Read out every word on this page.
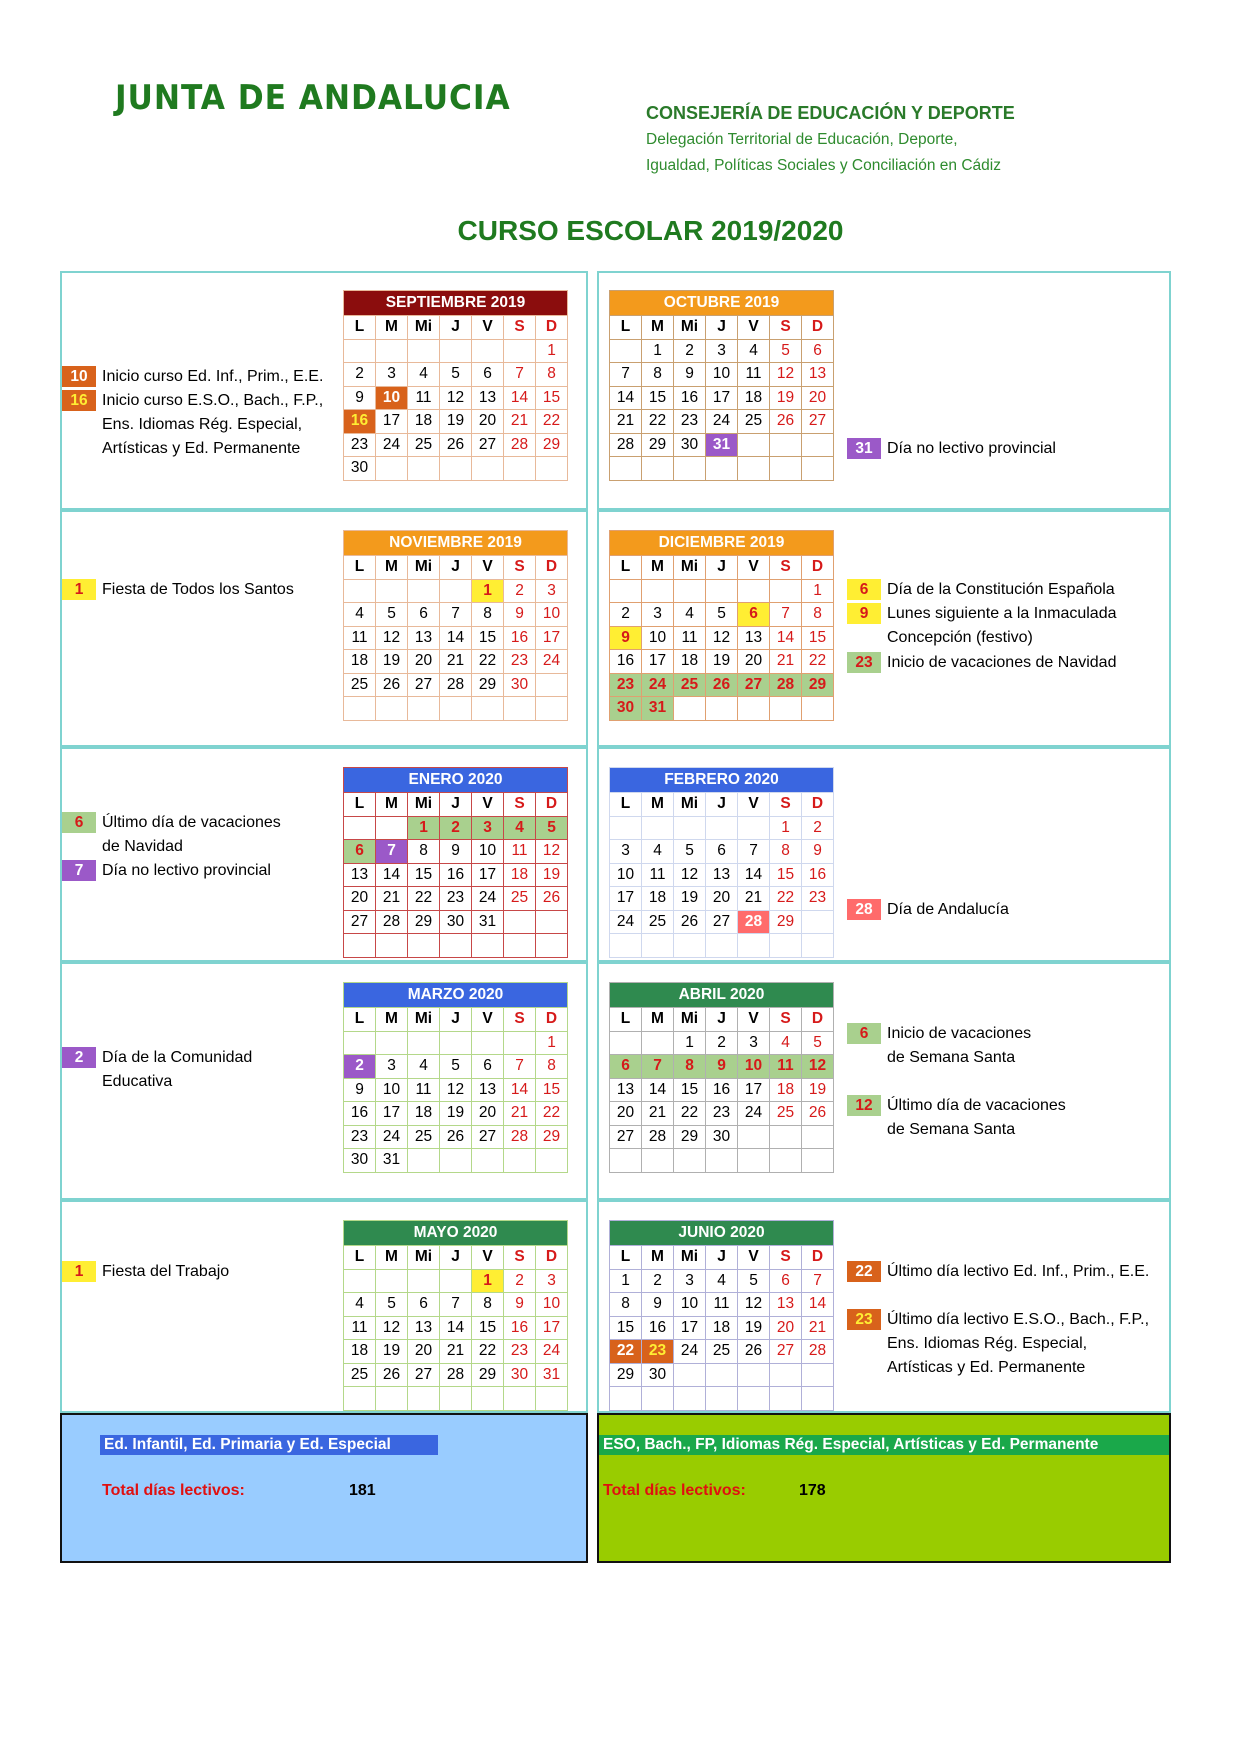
JUNTA DE ANDALUCIA	CONSEJERÍA DE EDUCACIÓN Y DEPORTE
Delegación Territorial de Educación, Deporte,
Igualdad, Políticas Sociales y Conciliación en Cádiz
CURSO ESCOLAR 2019/2020
SEPTIEMBRE 2019						
L	M	Mi	J	V	S	D
						1
2	3	4	5	6	7	8
9	10	11	12	13	14	15
16	17	18	19	20	21	22
23	24	25	26	27	28	29
30						
OCTUBRE 2019						
L	M	Mi	J	V	S	D
	1	2	3	4	5	6
7	8	9	10	11	12	13
14	15	16	17	18	19	20
21	22	23	24	25	26	27
28	29	30	31			

NOVIEMBRE 2019						
L	M	Mi	J	V	S	D
				1	2	3
4	5	6	7	8	9	10
11	12	13	14	15	16	17
18	19	20	21	22	23	24
25	26	27	28	29	30	

DICIEMBRE 2019						
L	M	Mi	J	V	S	D
						1
2	3	4	5	6	7	8
9	10	11	12	13	14	15
16	17	18	19	20	21	22
23	24	25	26	27	28	29
30	31					
ENERO 2020						
L	M	Mi	J	V	S	D
		1	2	3	4	5
6	7	8	9	10	11	12
13	14	15	16	17	18	19
20	21	22	23	24	25	26
27	28	29	30	31		

FEBRERO 2020						
L	M	Mi	J	V	S	D
					1	2
3	4	5	6	7	8	9
10	11	12	13	14	15	16
17	18	19	20	21	22	23
24	25	26	27	28	29	

MARZO 2020						
L	M	Mi	J	V	S	D
						1
2	3	4	5	6	7	8
9	10	11	12	13	14	15
16	17	18	19	20	21	22
23	24	25	26	27	28	29
30	31					
ABRIL 2020						
L	M	Mi	J	V	S	D
		1	2	3	4	5
6	7	8	9	10	11	12
13	14	15	16	17	18	19
20	21	22	23	24	25	26
27	28	29	30			

MAYO 2020						
L	M	Mi	J	V	S	D
				1	2	3
4	5	6	7	8	9	10
11	12	13	14	15	16	17
18	19	20	21	22	23	24
25	26	27	28	29	30	31

JUNIO 2020						
L	M	Mi	J	V	S	D
1	2	3	4	5	6	7
8	9	10	11	12	13	14
15	16	17	18	19	20	21
22	23	24	25	26	27	28
29	30					

10 Inicio curso Ed. Inf., Prim., E.E.
16 Inicio curso E.S.O., Bach., F.P.,
Ens. Idiomas Rég. Especial,
Artísticas y Ed. Permanente	31 Día no lectivo provincial
1 Fiesta de Todos los Santos	6 Día de la Constitución Española
9 Lunes siguiente a la Inmaculada
Concepción (festivo)
23 Inicio de vacaciones de Navidad
6 Último día de vacaciones
de Navidad
7 Día no lectivo provincial
28 Día de Andalucía
2 Día de la Comunidad
Educativa
6 Inicio de vacaciones
de Semana Santa
12 Último día de vacaciones
de Semana Santa
1 Fiesta del Trabajo	22 Último día lectivo Ed. Inf., Prim., E.E.
23 Último día lectivo E.S.O., Bach., F.P.,
Ens. Idiomas Rég. Especial,
Artísticas y Ed. Permanente
Ed. Infantil, Ed. Primaria y Ed. Especial
Total días lectivos:	181
ESO, Bach., FP, Idiomas Rég. Especial, Artísticas y Ed. Permanente
Total días lectivos:	178
